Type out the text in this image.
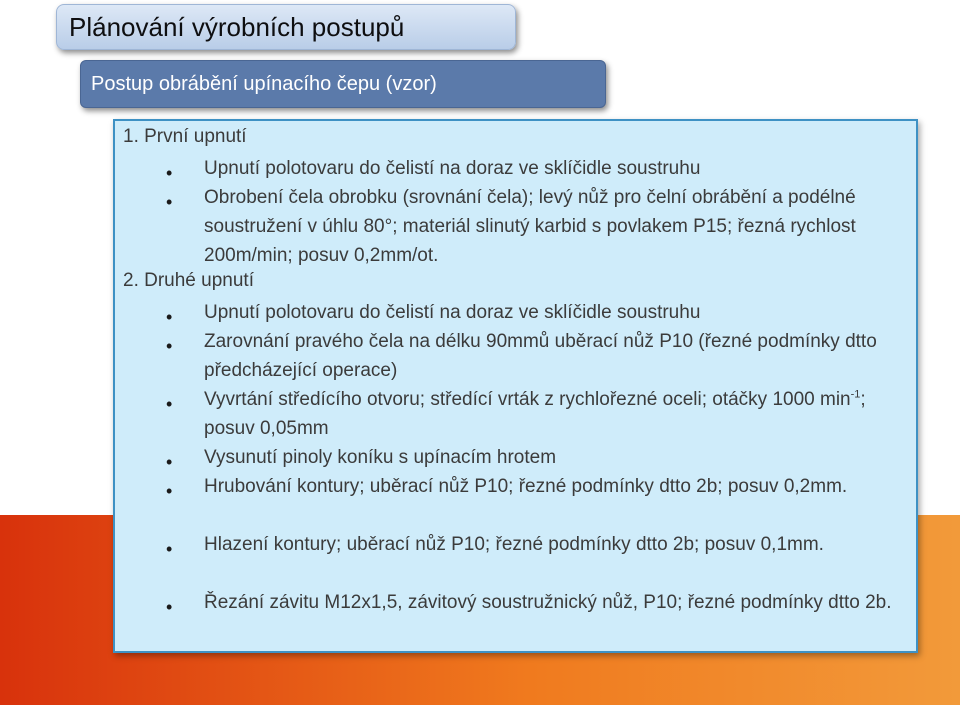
Plánování výrobních postupů
Postup obrábění upínacího čepu (vzor)
1. První upnutí
•	Upnutí polotovaru do čelistí na doraz ve sklíčidle soustruhu
•	Obrobení čela obrobku (srovnání čela); levý nůž pro čelní obrábění a podélné soustružení v úhlu 80°; materiál slinutý karbid s povlakem P15; řezná rychlost 200m/min; posuv 0,2mm/ot.
2. Druhé upnutí
•	Upnutí polotovaru do čelistí na doraz ve sklíčidle soustruhu
•	Zarovnání pravého čela na délku 90mmů uběrací nůž P10 (řezné podmínky dtto předcházející operace)
•	Vyvrtání středícího otvoru; středící vrták z rychlořezné oceli; otáčky 1000 $\min^{-1}$; posuv 0,05mm
•	Vysunutí pinoly koníku s upínacím hrotem
•	Hrubování kontury; uběrací nůž P10; řezné podmínky dtto 2b; posuv 0,2mm.
•	Hlazení kontury; uběrací nůž P10; řezné podmínky dtto 2b; posuv 0,1mm.
•	Řezání závitu M12x1,5, závitový soustružnický nůž, P10; řezné podmínky dtto 2b.
